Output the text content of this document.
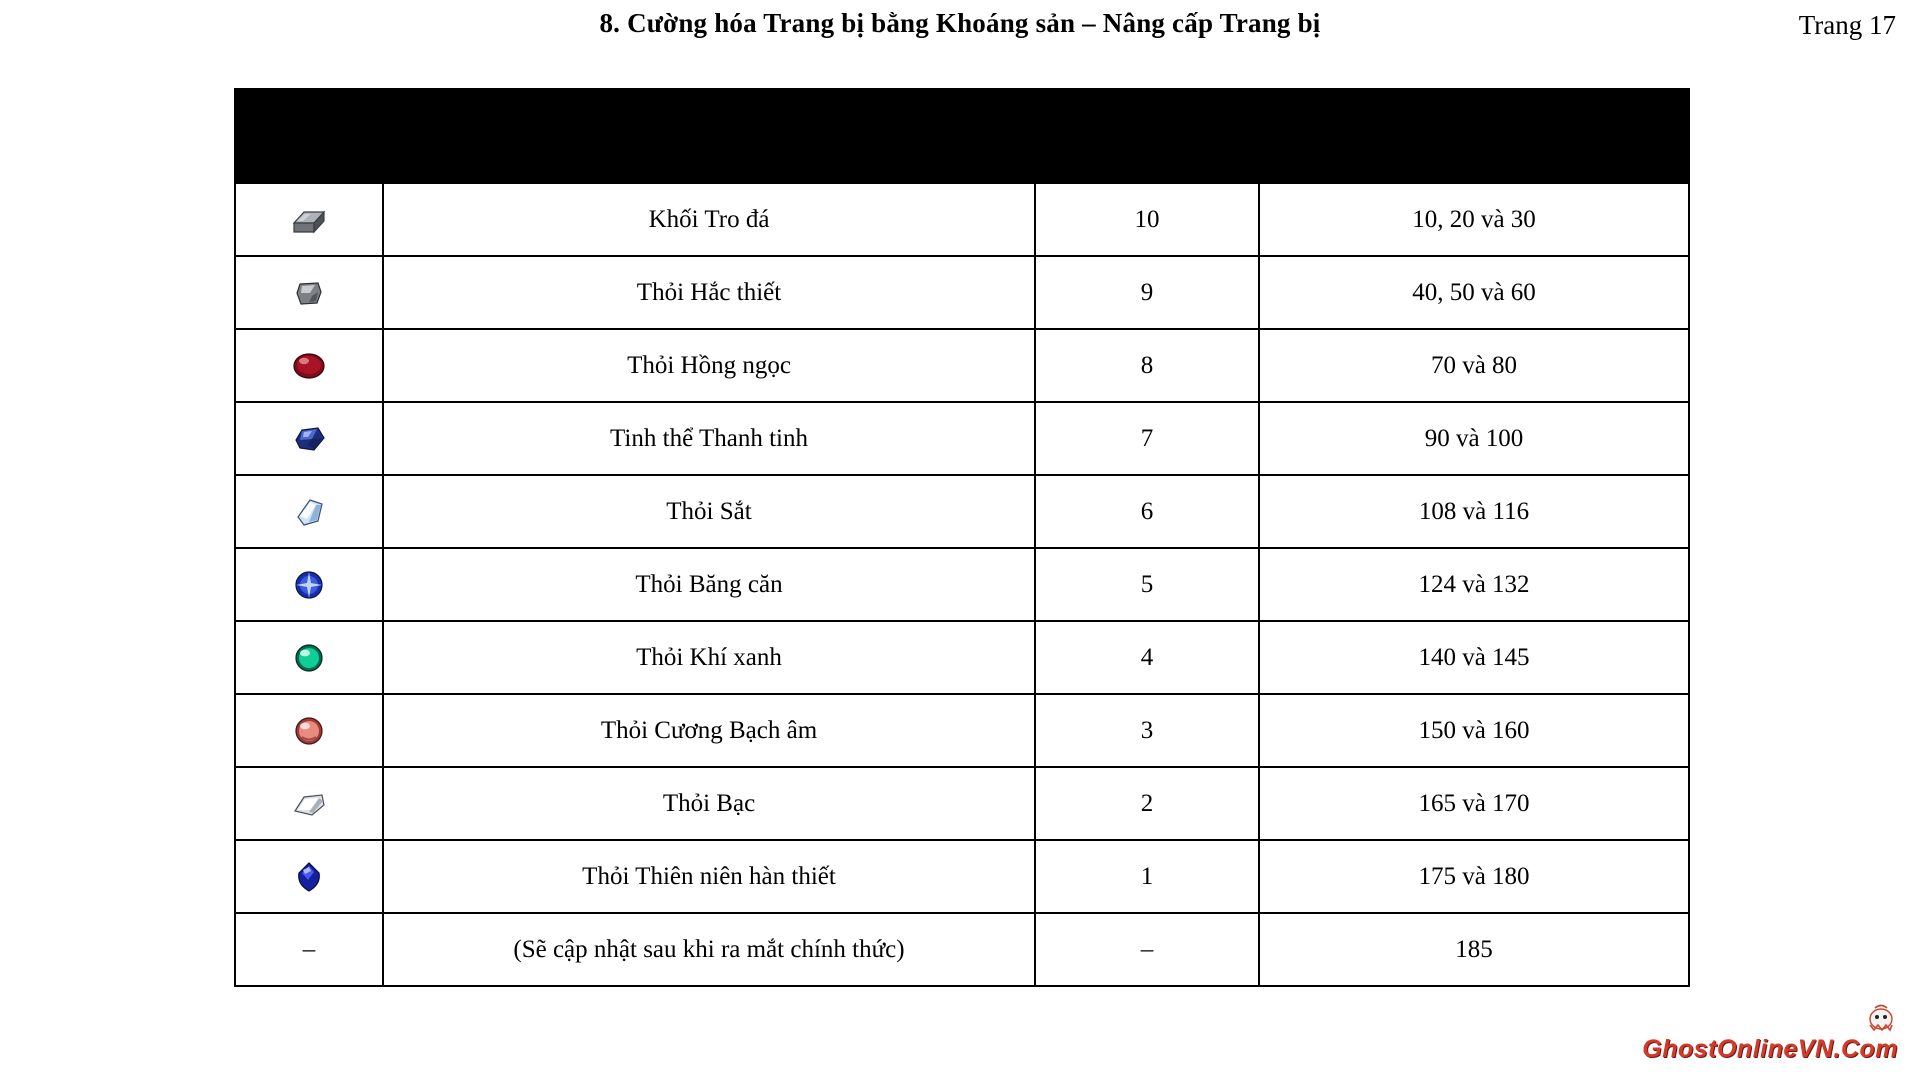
8. Cường hóa Trang bị bằng Khoáng sản – Nâng cấp Trang bị	Trang 17
	Tên Khoáng sản	Cấp bậc
Khoáng sản	Cấp độ Trang bị

	Khối Tro đá	10	10, 20 và 30

	Thỏi Hắc thiết	9	40, 50 và 60

	Thỏi Hồng ngọc	8	70 và 80

	Tinh thể Thanh tinh	7	90 và 100

	Thỏi Sắt	6	108 và 116

	Thỏi Băng căn	5	124 và 132

	Thỏi Khí xanh	4	140 và 145

	Thỏi Cương Bạch âm	3	150 và 160

	Thỏi Bạc	2	165 và 170

	Thỏi Thiên niên hàn thiết	1	175 và 180
–	(Sẽ cập nhật sau khi ra mắt chính thức)	–	185
GhostOnlineVN.Com
